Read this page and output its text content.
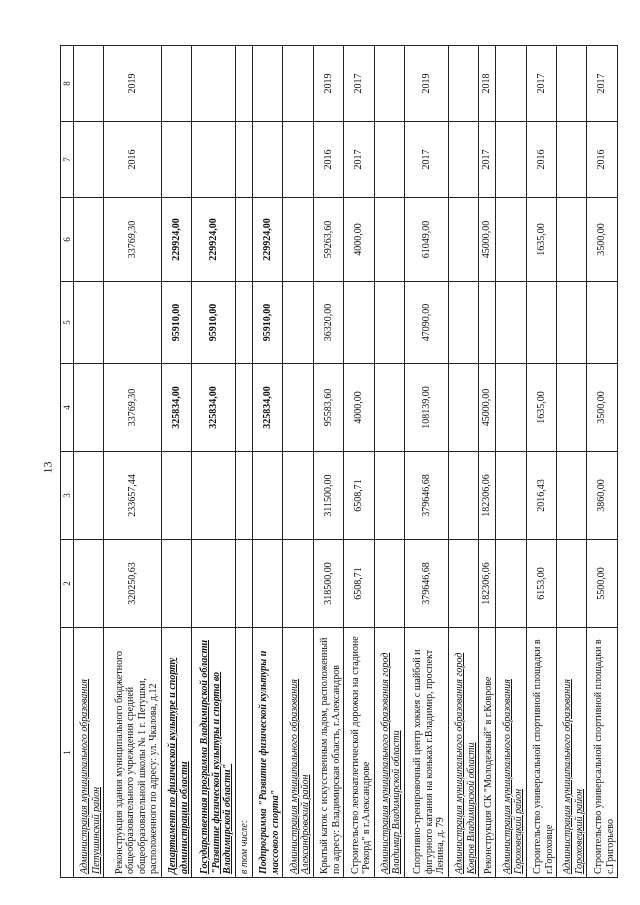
13
1	2	3	4	5	6	7	8
Администрация муниципального образования Петушинский район							
Реконструкция здания муниципального бюджетного общеобразовательного учреждения средней общеобразовательной школы № 1 г. Петушки, расположенного по адресу: ул. Чкалова, д.12	320250,63	233657,44	33769,30		33769,30	2016	2019
Департамент по физической культуре и спорту администрации области			325834,00	95910,00	229924,00		
Государственная программа Владимирской области "Развитие физической культуры и спорта во Владимирской области"			325834,00	95910,00	229924,00		
в том числе:							
Подпрограмма "Развитие физической культуры и массового спорта"			325834,00	95910,00	229924,00		
Администрация муниципального образования Александровский район							
Крытый каток с искусственным льдом, расположенный по адресу: Владимирская область, г.Александров	318500,00	311500,00	95583,60	36320,00	59263,60	2016	2019
Строительство легкоатлетической дорожки на стадионе "Рекорд" в г.Александрове	6508,71	6508,71	4000,00		4000,00	2017	2017
Администрация муниципального образования город Владимир Владимирской области							
Спортивно-тренировочный центр хоккея с шайбой и фигурного катания на коньках г.Владимир, проспект Ленина, д. 79	379646,68	379646,68	108139,00	47090,00	61049,00	2017	2019
Администрация муниципального образования город Ковров Владимирской области							
Реконструкция СК "Молодежный" в г.Коврове	182306,06	182306,06	45000,00		45000,00	2017	2018
Администрация муниципального образования Гороховецкий район							
Строительство универсальной спортивной площадки в г.Гороховце	6153,00	2016,43	1635,00		1635,00	2016	2017
Администрация муниципального образования Гороховецкий район							
Строительство универсальной спортивной площадки в с.Григорьево	5500,00	3860,00	3500,00		3500,00	2016	2017
